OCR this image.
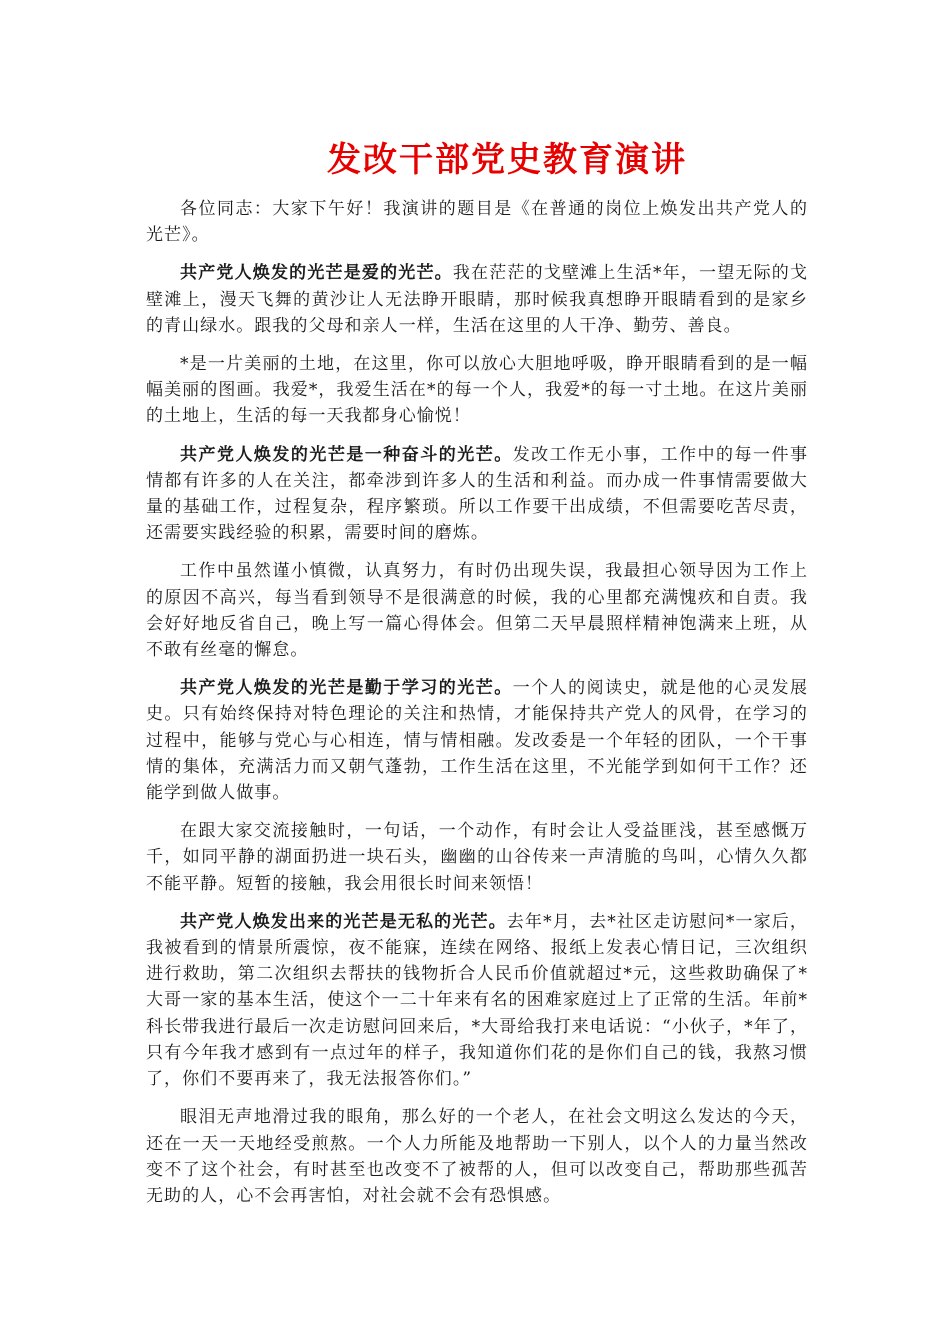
发改干部党史教育演讲

各位同志：大家下午好！我演讲的题目是《在普通的岗位上焕发出共产党人的光芒》。

共产党人焕发的光芒是爱的光芒。我在茫茫的戈壁滩上生活*年，一望无际的戈壁滩上，漫天飞舞的黄沙让人无法睁开眼睛，那时候我真想睁开眼睛看到的是家乡的青山绿水。跟我的父母和亲人一样，生活在这里的人干净、勤劳、善良。

*是一片美丽的土地，在这里，你可以放心大胆地呼吸，睁开眼睛看到的是一幅幅美丽的图画。我爱*，我爱生活在*的每一个人，我爱*的每一寸土地。在这片美丽的土地上，生活的每一天我都身心愉悦！

共产党人焕发的光芒是一种奋斗的光芒。发改工作无小事，工作中的每一件事情都有许多的人在关注，都牵涉到许多人的生活和利益。而办成一件事情需要做大量的基础工作，过程复杂，程序繁琐。所以工作要干出成绩，不但需要吃苦尽责，还需要实践经验的积累，需要时间的磨炼。

工作中虽然谨小慎微，认真努力，有时仍出现失误，我最担心领导因为工作上的原因不高兴，每当看到领导不是很满意的时候，我的心里都充满愧疚和自责。我会好好地反省自己，晚上写一篇心得体会。但第二天早晨照样精神饱满来上班，从不敢有丝毫的懈怠。

共产党人焕发的光芒是勤于学习的光芒。一个人的阅读史，就是他的心灵发展史。只有始终保持对特色理论的关注和热情，才能保持共产党人的风骨，在学习的过程中，能够与党心与心相连，情与情相融。发改委是一个年轻的团队，一个干事情的集体，充满活力而又朝气蓬勃，工作生活在这里，不光能学到如何干工作？还能学到做人做事。

在跟大家交流接触时，一句话，一个动作，有时会让人受益匪浅，甚至感慨万千，如同平静的湖面扔进一块石头，幽幽的山谷传来一声清脆的鸟叫，心情久久都不能平静。短暂的接触，我会用很长时间来领悟！

共产党人焕发出来的光芒是无私的光芒。去年*月，去*社区走访慰问*一家后，我被看到的情景所震惊，夜不能寐，连续在网络、报纸上发表心情日记，三次组织进行救助，第二次组织去帮扶的钱物折合人民币价值就超过*元，这些救助确保了*大哥一家的基本生活，使这个一二十年来有名的困难家庭过上了正常的生活。年前*科长带我进行最后一次走访慰问回来后，*大哥给我打来电话说：“小伙子，*年了，只有今年我才感到有一点过年的样子，我知道你们花的是你们自己的钱，我熬习惯了，你们不要再来了，我无法报答你们。”

眼泪无声地滑过我的眼角，那么好的一个老人，在社会文明这么发达的今天，还在一天一天地经受煎熬。一个人力所能及地帮助一下别人，以个人的力量当然改变不了这个社会，有时甚至也改变不了被帮的人，但可以改变自己，帮助那些孤苦无助的人，心不会再害怕，对社会就不会有恐惧感。
